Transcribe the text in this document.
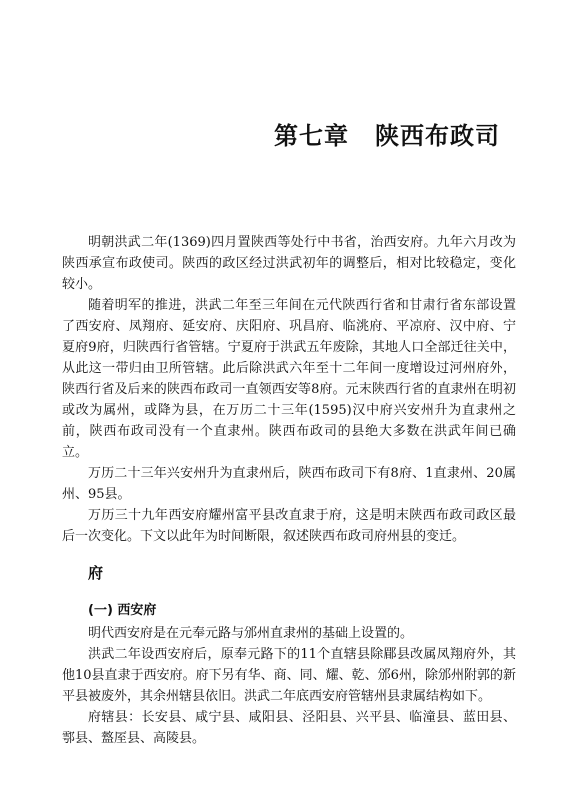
第七章 陕西布政司

明朝洪武二年(1369)四月置陕西等处行中书省，治西安府。九年六月改为陕西承宣布政使司。陕西的政区经过洪武初年的调整后，相对比较稳定，变化较小。

随着明军的推进，洪武二年至三年间在元代陕西行省和甘肃行省东部设置了西安府、凤翔府、延安府、庆阳府、巩昌府、临洮府、平凉府、汉中府、宁夏府9府，归陕西行省管辖。宁夏府于洪武五年废除，其地人口全部迁往关中，从此这一带归由卫所管辖。此后除洪武六年至十二年间一度增设过河州府外，陕西行省及后来的陕西布政司一直领西安等8府。元末陕西行省的直隶州在明初或改为属州，或降为县，在万历二十三年(1595)汉中府兴安州升为直隶州之前，陕西布政司没有一个直隶州。陕西布政司的县绝大多数在洪武年间已确立。

万历二十三年兴安州升为直隶州后，陕西布政司下有8府、1直隶州、20属州、95县。

万历三十九年西安府耀州富平县改直隶于府，这是明末陕西布政司政区最后一次变化。下文以此年为时间断限，叙述陕西布政司府州县的变迁。

府
(一) 西安府

明代西安府是在元奉元路与邠州直隶州的基础上设置的。

洪武二年设西安府后，原奉元路下的11个直辖县除郿县改属凤翔府外，其他10县直隶于西安府。府下另有华、商、同、耀、乾、邠6州，除邠州附郭的新平县被废外，其余州辖县依旧。洪武二年底西安府管辖州县隶属结构如下。

府辖县：长安县、咸宁县、咸阳县、泾阳县、兴平县、临潼县、蓝田县、鄠县、盩厔县、高陵县。
